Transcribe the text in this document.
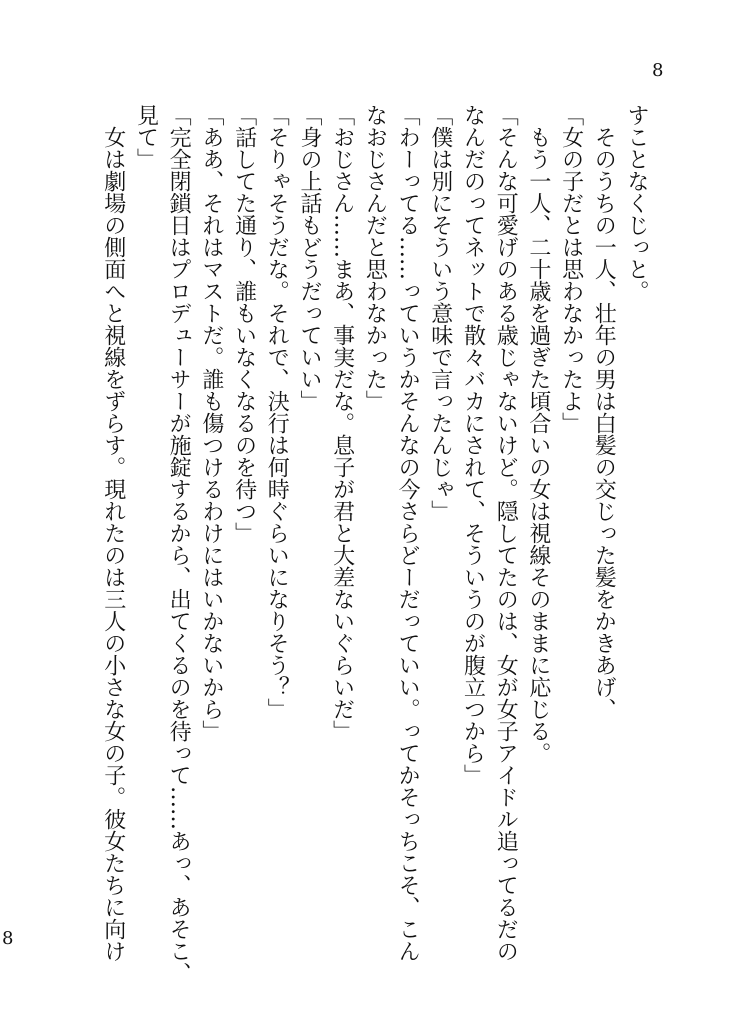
8
8
すことなくじっと。
　そのうちの一人、壮年の男は白髪の交じった髪をかきあげ、
「女の子だとは思わなかったよ」
　もう一人、二十歳を過ぎた頃合いの女は視線そのままに応じる。
「そんな可愛げのある歳じゃないけど。隠してたのは、女が女子アイドル追ってるだの
なんだのってネットで散々バカにされて、そういうのが腹立つから」
「僕は別にそういう意味で言ったんじゃ」
「わーってる……っていうかそんなの今さらどーだっていい。ってかそっちこそ、こん
なおじさんだと思わなかった」
「おじさん……まあ、事実だな。息子が君と大差ないぐらいだ」
「身の上話もどうだっていい」
「そりゃそうだな。それで、決行は何時ぐらいになりそう？」
「話してた通り、誰もいなくなるのを待つ」
「ああ、それはマストだ。誰も傷つけるわけにはいかないから」
「完全閉鎖日はプロデューサーが施錠するから、出てくるのを待って……あっ、あそこ、
見て」
　女は劇場の側面へと視線をずらす。現れたのは三人の小さな女の子。彼女たちに向け
